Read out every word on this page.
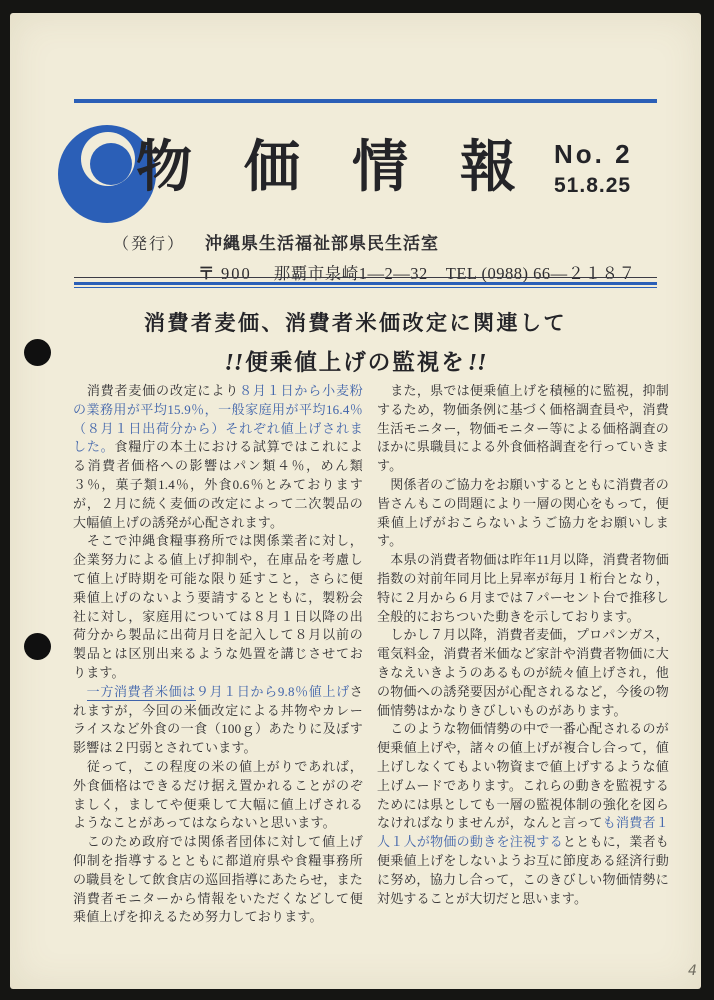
物価情報
No. 2
51.8.25
（発行） 沖縄県生活福祉部県民生活室
〒 900 那覇市泉崎1—2—32 TEL (0988) 66—２１８７
消費者麦価、消費者米価改定に関連して
!!便乗値上げの監視を!!

　消費者麦価の改定により８月１日から小麦粉の業務用が平均15.9％，一般家庭用が平均16.4％（８月１日出荷分から）それぞれ値上げされました。食糧庁の本土における試算ではこれによる消費者価格への影響はパン類４％，めん類３％，菓子類1.4％，外食0.6％とみておりますが，２月に続く麦価の改定によって二次製品の大幅値上げの誘発が心配されます。

　そこで沖縄食糧事務所では関係業者に対し，企業努力による値上げ抑制や，在庫品を考慮して値上げ時期を可能な限り延すこと，さらに便乗値上げのないよう要請するとともに，製粉会社に対し，家庭用については８月１日以降の出荷分から製品に出荷月日を記入して８月以前の製品とは区別出来るような処置を講じさせております。

　一方消費者米価は９月１日から9.8％値上げされますが，今回の米価改定による丼物やカレーライスなど外食の一食（100ｇ）あたりに及ぼす影響は２円弱とされています。

　従って，この程度の米の値上がりであれば，外食価格はできるだけ据え置かれることがのぞましく，ましてや便乗して大幅に値上げされるようなことがあってはならないと思います。

　このため政府では関係者団体に対して値上げ仰制を指導するとともに都道府県や食糧事務所の職員をして飲食店の巡回指導にあたらせ，また消費者モニターから情報をいただくなどして便乗値上げを抑えるため努力しております。

　また，県では便乗値上げを積極的に監視，抑制するため，物価条例に基づく価格調査員や，消費生活モニター，物価モニター等による価格調査のほかに県職員による外食価格調査を行っていきます。

　関係者のご協力をお願いするとともに消費者の皆さんもこの問題により一層の関心をもって，便乗値上げがおこらないようご協力をお願いします。

　本県の消費者物価は昨年11月以降，消費者物価指数の対前年同月比上昇率が毎月１桁台となり，特に２月から６月までは７パーセント台で推移し全般的におちついた動きを示しております。

　しかし７月以降，消費者麦価，プロパンガス，電気料金，消費者米価など家計や消費者物価に大きなえいきようのあるものが続々値上げされ，他の物価への誘発要因が心配されるなど，今後の物価情勢はかなりきびしいものがあります。

　このような物価情勢の中で一番心配されるのが便乗値上げや，諸々の値上げが複合し合って，値上げしなくてもよい物資まで値上げするような値上げムードであります。これらの動きを監視するためには県としても一層の監視体制の強化を図らなければなりませんが，なんと言っても消費者１人１人が物価の動きを注視するとともに，業者も便乗値上げをしないようお互に節度ある経済行動に努め，協力し合って，このきびしい物価情勢に対処することが大切だと思います。

4
